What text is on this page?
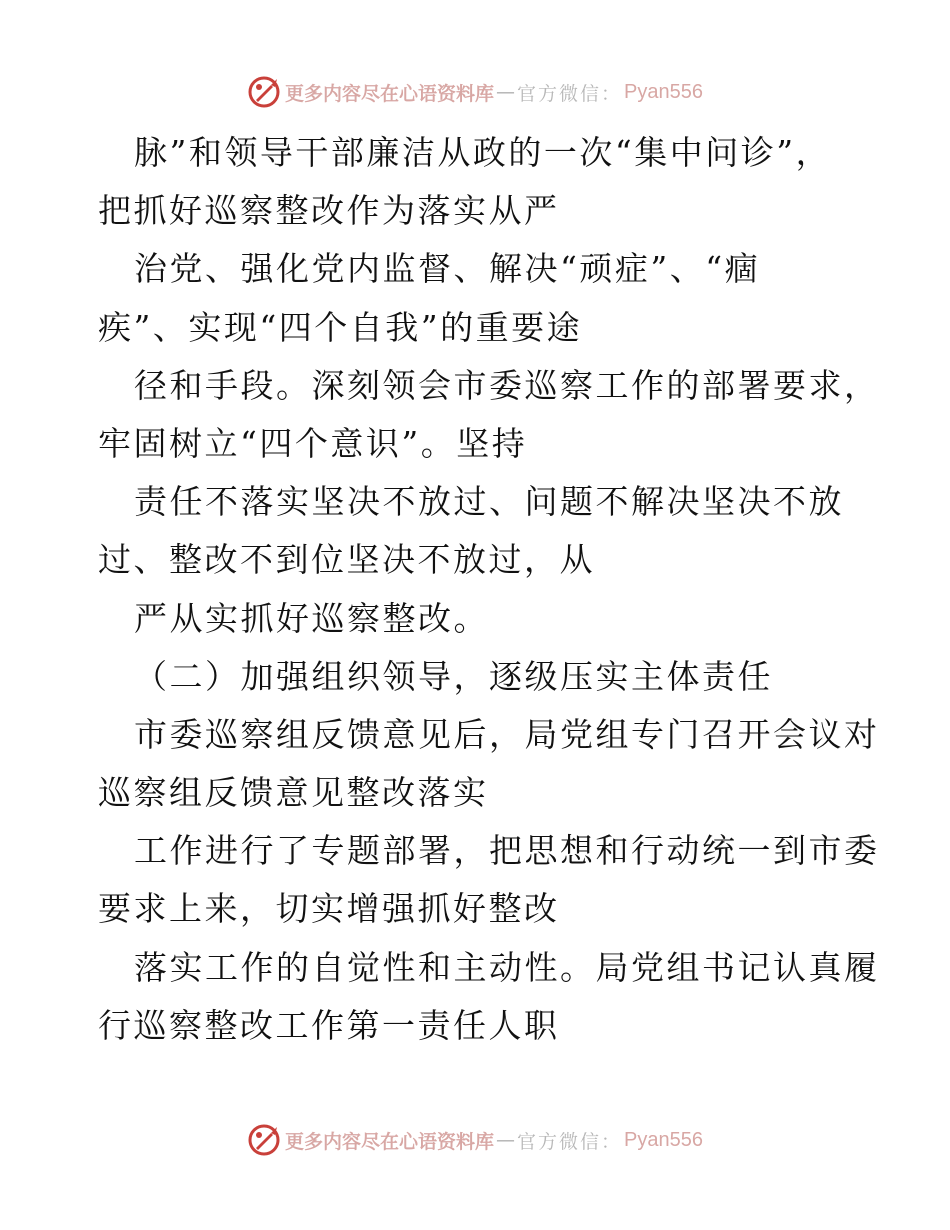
更多内容尽在心语资料库 — 官方微信： Pyan556
脉”和领导干部廉洁从政的一次“集中问诊”，
把抓好巡察整改作为落实从严
治党、强化党内监督、解决“顽症”、“痼
疾”、实现“四个自我”的重要途
径和手段。深刻领会市委巡察工作的部署要求，
牢固树立“四个意识”。坚持
责任不落实坚决不放过、问题不解决坚决不放
过、整改不到位坚决不放过，从
严从实抓好巡察整改。
（二）加强组织领导，逐级压实主体责任
市委巡察组反馈意见后，局党组专门召开会议对
巡察组反馈意见整改落实
工作进行了专题部署，把思想和行动统一到市委
要求上来，切实增强抓好整改
落实工作的自觉性和主动性。局党组书记认真履
行巡察整改工作第一责任人职
更多内容尽在心语资料库 — 官方微信： Pyan556
